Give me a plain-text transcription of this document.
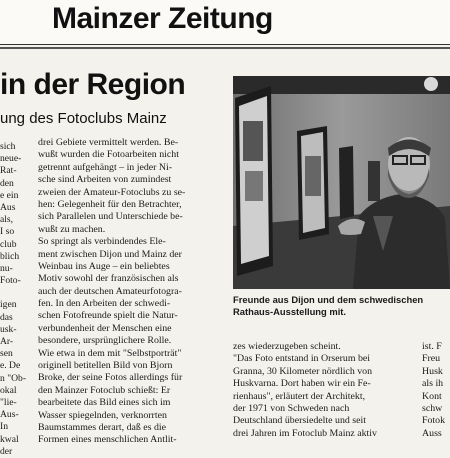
Mainzer Zeitung
in der Region
ung des Fotoclubs Mainz
sich
neue-
Rat-
den
e ein
Aus
als,
I so
club
blich
nu-
Foto-
igen
das
usk-
Ar-
sen
e. De
n "Ob-
okal
"lie-
Aus-
In
kwal
der
drei Gebiete vermittelt werden. Be-
wußt wurden die Fotoarbeiten nicht
getrennt aufgehängt – in jeder Ni-
sche sind Arbeiten von zumindest
zweien der Amateur-Fotoclubs zu se-
hen: Gelegenheit für den Betrachter,
sich Parallelen und Unterschiede be-
wußt zu machen.
So springt als verbindendes Ele-
ment zwischen Dijon und Mainz der
Weinbau ins Auge – ein beliebtes
Motiv sowohl der französischen als
auch der deutschen Amateurfotogra-
fen. In den Arbeiten der schwedi-
schen Fotofreunde spielt die Natur-
verbundenheit der Menschen eine
besondere, ursprünglichere Rolle.
Wie etwa in dem mit "Selbstporträt"
originell betitellen Bild von Bjorn
Broke, der seine Fotos allerdings für
den Mainzer Fotoclub schießt: Er
bearbeitete das Bild eines sich im
Wasser spiegelnden, verknorrten
Baumstammes derart, daß es die
Formen eines menschlichen Antlit-
Freunde aus Dijon und dem schwedischen
Rathaus-Ausstellung mit.
zes wiederzugeben scheint.
"Das Foto entstand in Orserum bei
Granna, 30 Kilometer nördlich von
Huskvarna. Dort haben wir ein Fe-
rienhaus", erläutert der Architekt,
der 1971 von Schweden nach
Deutschland übersiedelte und seit
drei Jahren im Fotoclub Mainz aktiv
ist. F
Freu
Husk
als ih
Kont
schw
Fotok
Auss
